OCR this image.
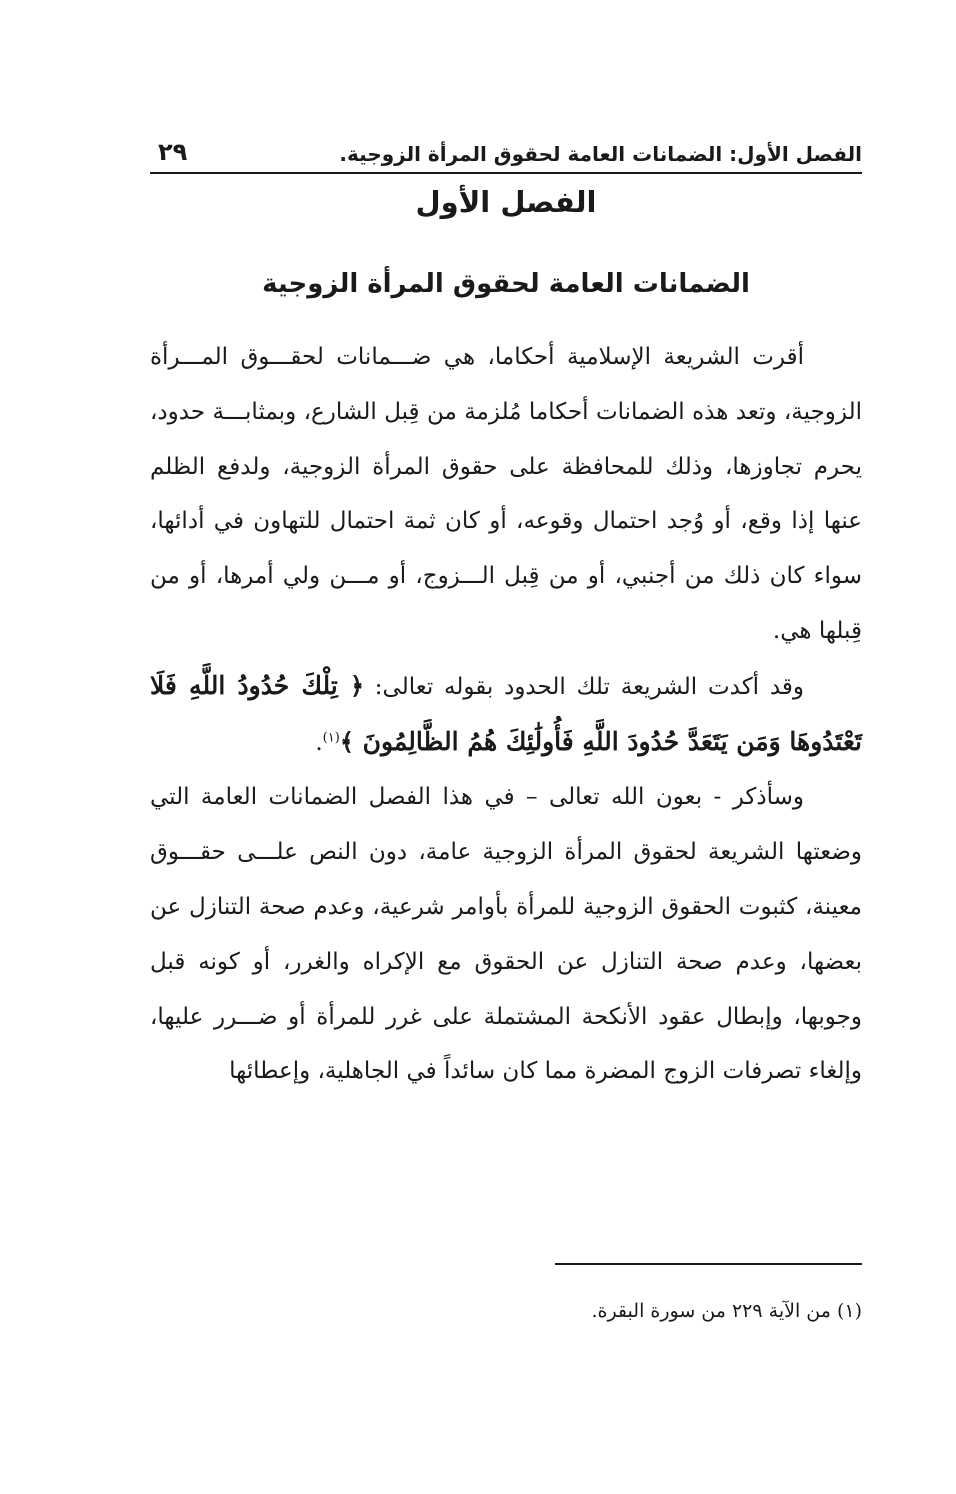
الفصل الأول: الضمانات العامة لحقوق المرأة الزوجية.
٢٩
الفصل الأول
الضمانات العامة لحقوق المرأة الزوجية

أقرت الشريعة الإسلامية أحكاما، هي ضـــمانات لحقـــوق المـــرأة الزوجية، وتعد هذه الضمانات أحكاما مُلزمة من قِبل الشارع، وبمثابـــة حدود، يحرم تجاوزها، وذلك للمحافظة على حقوق المرأة الزوجية، ولدفع الظلم عنها إذا وقع، أو وُجد احتمال وقوعه، أو كان ثمة احتمال للتهاون في أدائها، سواء كان ذلك من أجنبي، أو من قِبل الـــزوج، أو مـــن ولي أمرها، أو من قِبلها هي.

وقد أكدت الشريعة تلك الحدود بقوله تعالى: ﴿ تِلْكَ حُدُودُ اللَّهِ فَلَا تَعْتَدُوهَا وَمَن يَتَعَدَّ حُدُودَ اللَّهِ فَأُولَٰئِكَ هُمُ الظَّالِمُونَ ﴾$^{(١)}$.

وسأذكر - بعون الله تعالى – في هذا الفصل الضمانات العامة التي وضعتها الشريعة لحقوق المرأة الزوجية عامة، دون النص علـــى حقـــوق معينة، كثبوت الحقوق الزوجية للمرأة بأوامر شرعية، وعدم صحة التنازل عن بعضها، وعدم صحة التنازل عن الحقوق مع الإكراه والغرر، أو كونه قبل وجوبها، وإبطال عقود الأنكحة المشتملة على غرر للمرأة أو ضـــرر عليها، وإلغاء تصرفات الزوج المضرة مما كان سائداً في الجاهلية، وإعطائها

(١) من الآية ٢٢٩ من سورة البقرة.
